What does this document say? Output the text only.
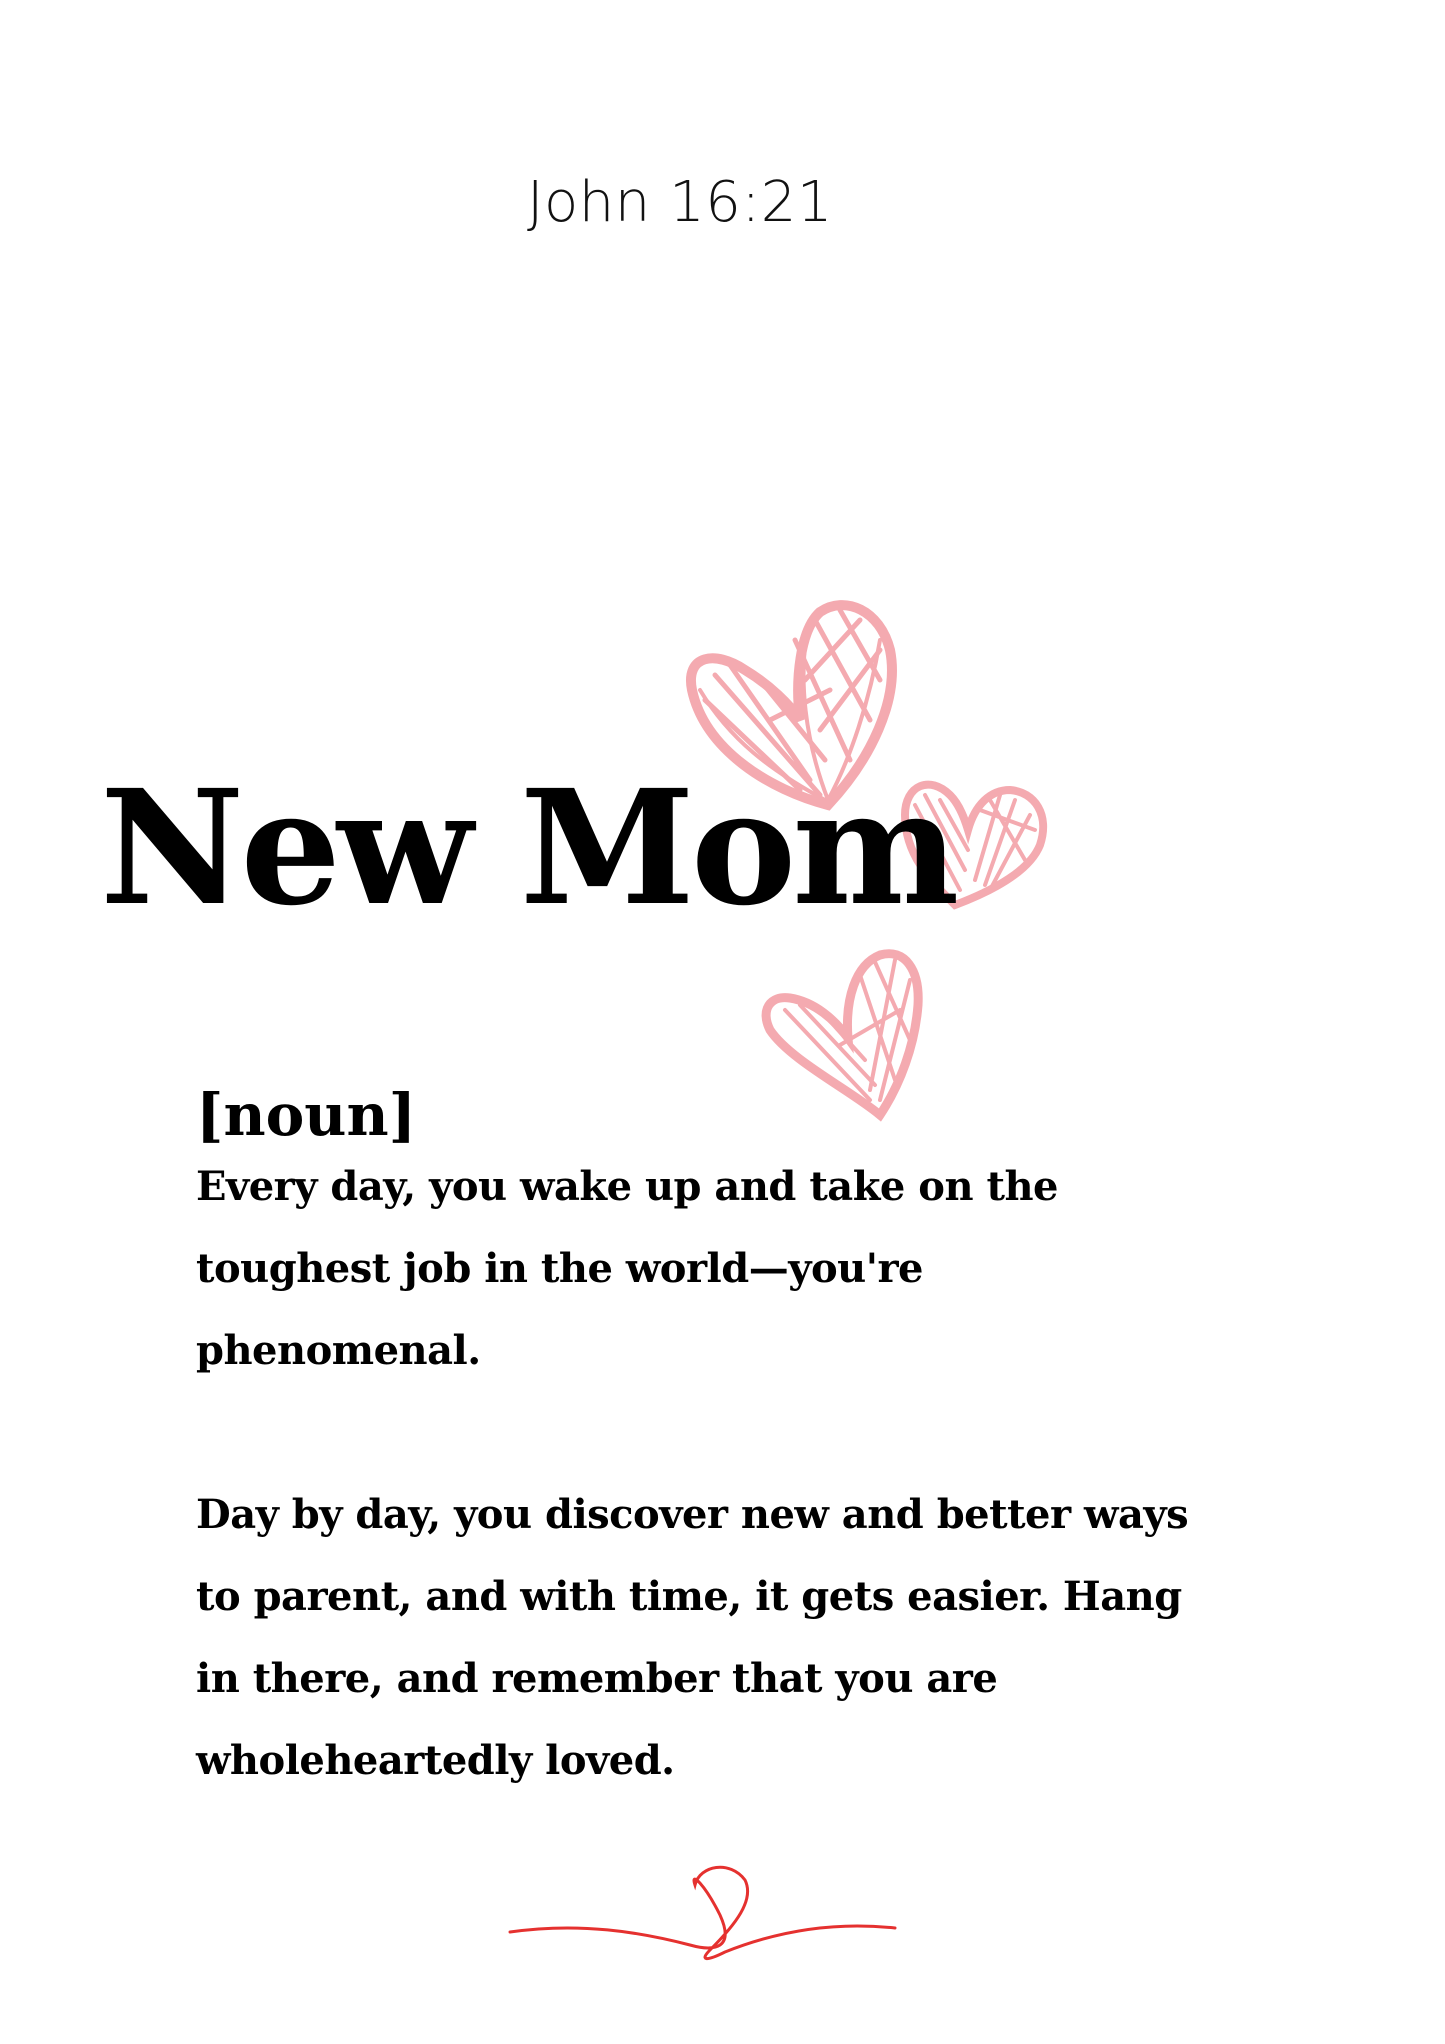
John 16:21
New Mom
[noun]

Every day, you wake up and take on the toughest job in the world—you're phenomenal.

Day by day, you discover new and better ways to parent, and with time, it gets easier. Hang in there, and remember that you are wholeheartedly loved.
